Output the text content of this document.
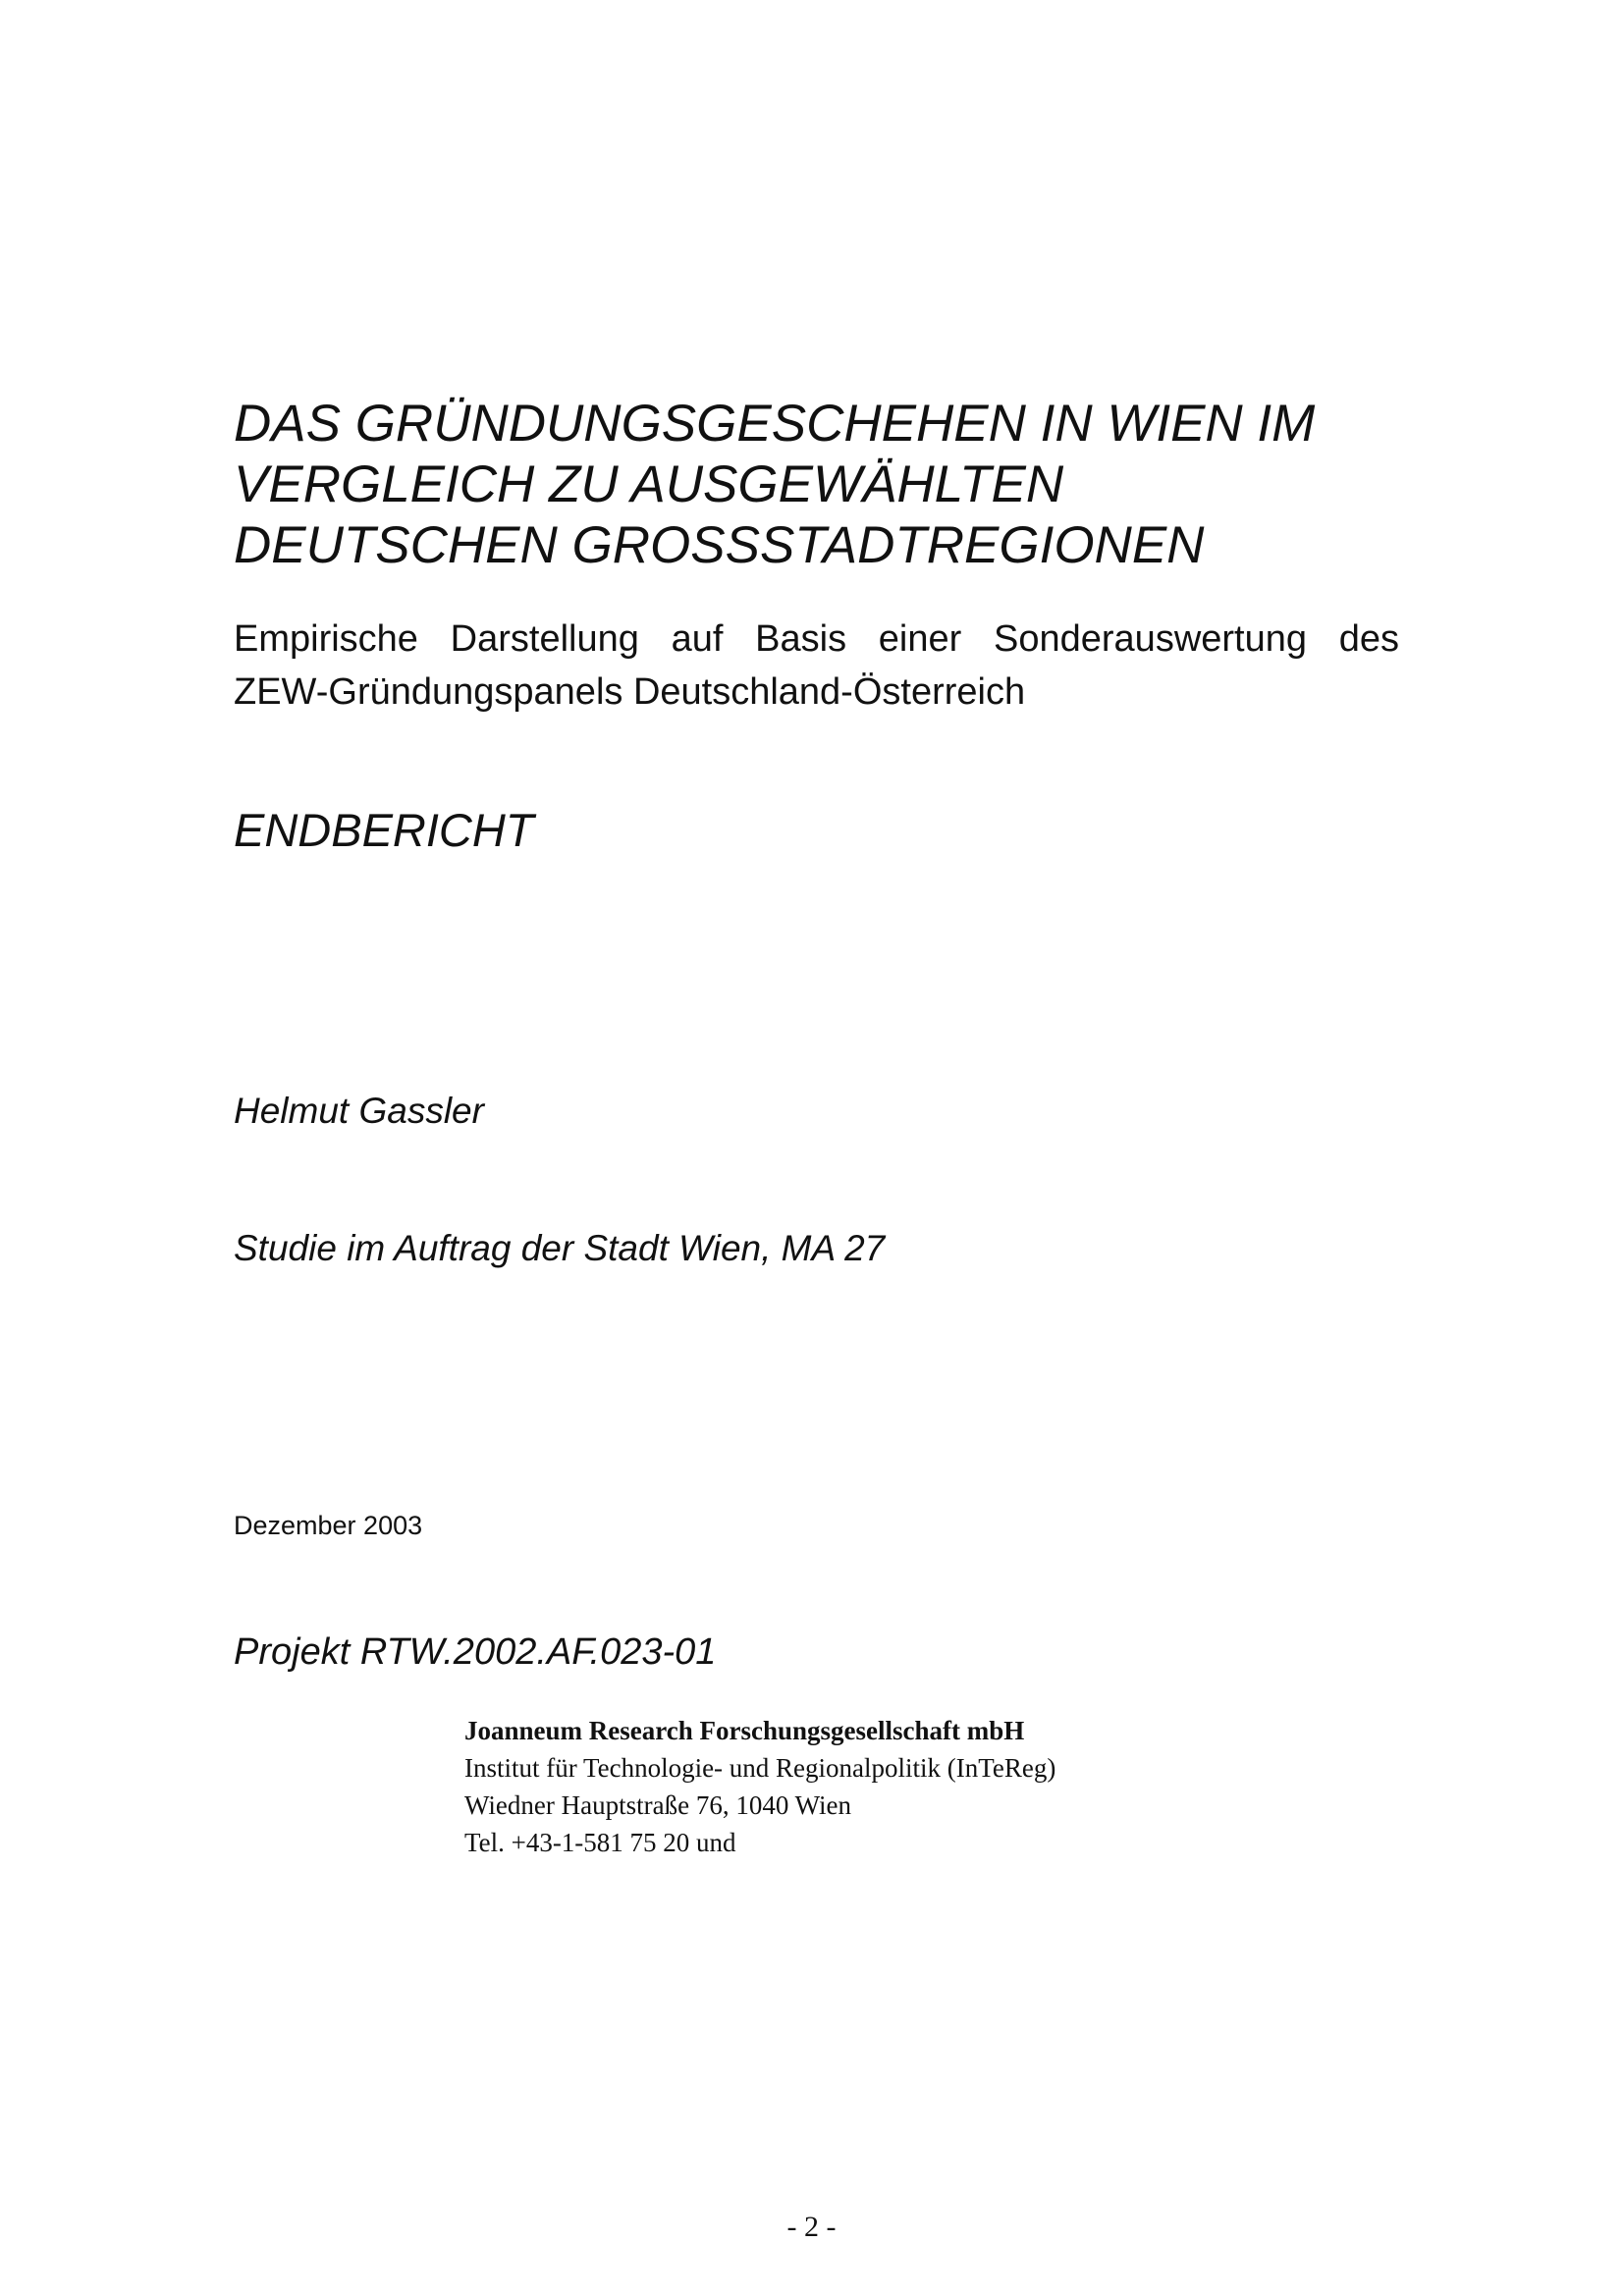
DAS GRÜNDUNGSGESCHEHEN IN WIEN IM
VERGLEICH ZU AUSGEWÄHLTEN
DEUTSCHEN GROSSSTADTREGIONEN
Empirische Darstellung auf Basis einer Sonderauswertung des
ZEW-Gründungspanels Deutschland-Österreich
ENDBERICHT
Helmut Gassler
Studie im Auftrag der Stadt Wien, MA 27
Dezember 2003
Projekt RTW.2002.AF.023-01
Joanneum Research Forschungsgesellschaft mbH
Institut für Technologie- und Regionalpolitik (InTeReg)
Wiedner Hauptstraße 76, 1040 Wien
Tel. +43-1-581 75 20 und
- 2 -
